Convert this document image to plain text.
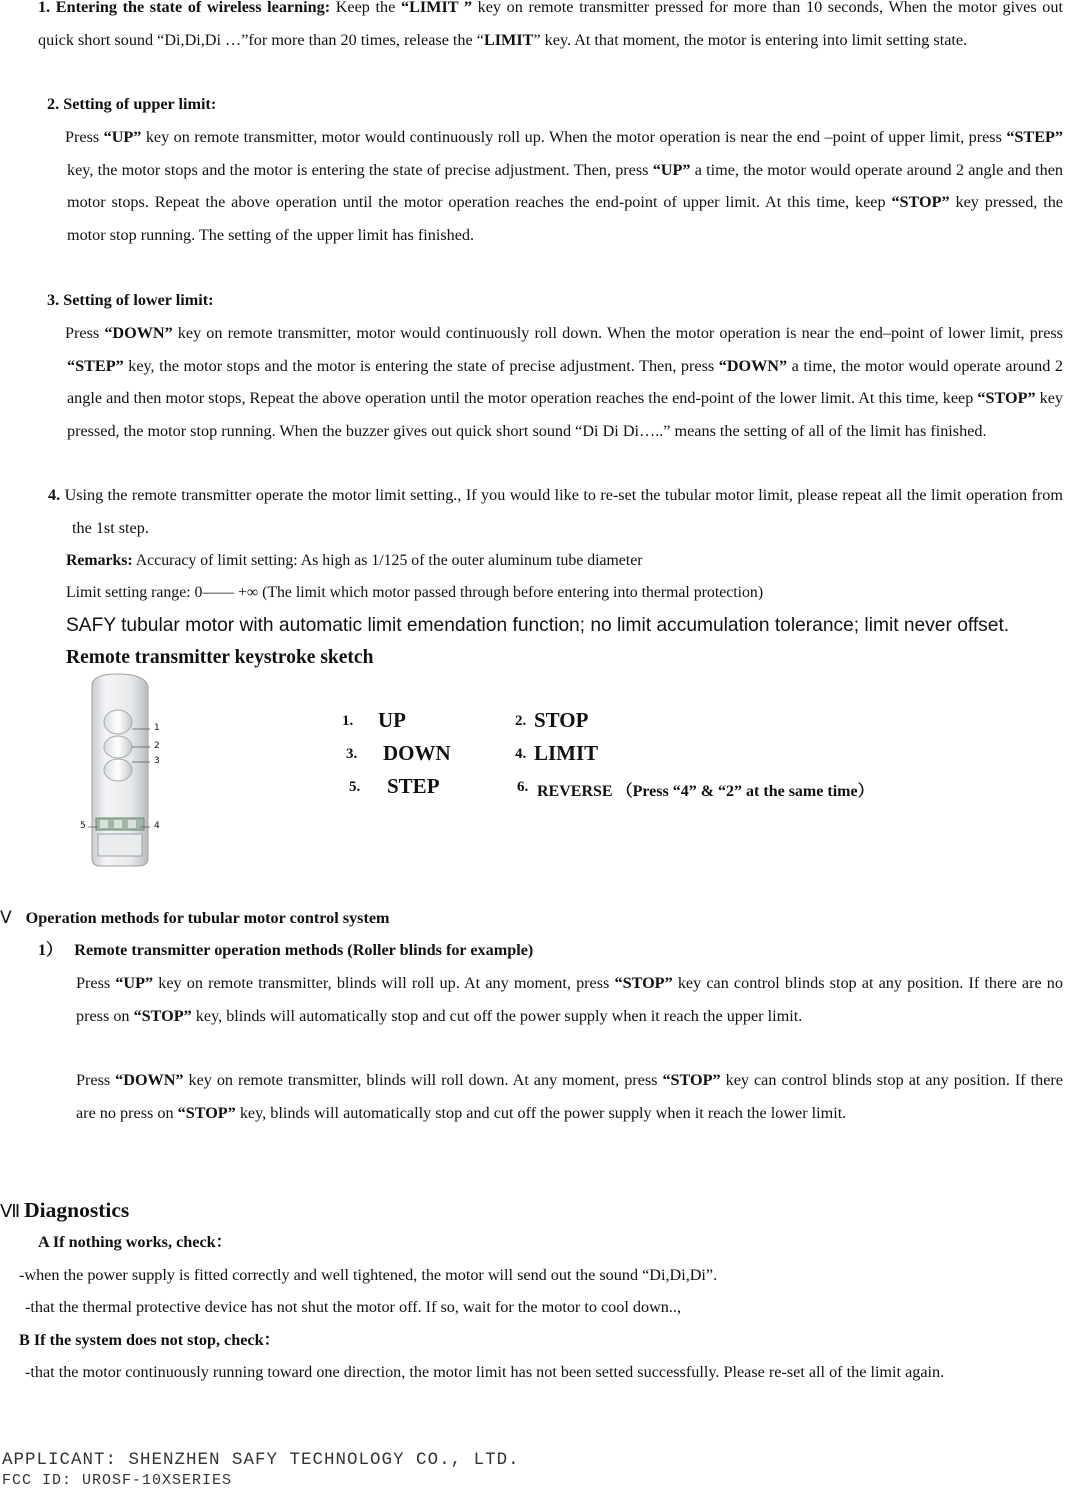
1. Entering the state of wireless learning: Keep the “LIMIT ” key on remote transmitter pressed for more than 10 seconds, When the motor gives out quick short sound “Di,Di,Di …”for more than 20 times, release the “LIMIT” key. At that moment, the motor is entering into limit setting state.
2. Setting of upper limit:
Press “UP” key on remote transmitter, motor would continuously roll up. When the motor operation is near the end –point of upper limit, press “STEP” key, the motor stops and the motor is entering the state of precise adjustment. Then, press “UP” a time, the motor would operate around 2 angle and then motor stops. Repeat the above operation until the motor operation reaches the end-point of upper limit. At this time, keep “STOP” key pressed, the motor stop running. The setting of the upper limit has finished.
3. Setting of lower limit:
Press “DOWN” key on remote transmitter, motor would continuously roll down. When the motor operation is near the end–point of lower limit, press “STEP” key, the motor stops and the motor is entering the state of precise adjustment. Then, press “DOWN” a time, the motor would operate around 2 angle and then motor stops, Repeat the above operation until the motor operation reaches the end-point of the lower limit. At this time, keep “STOP” key pressed, the motor stop running. When the buzzer gives out quick short sound “Di Di Di…..” means the setting of all of the limit has finished.
4. Using the remote transmitter operate the motor limit setting., If you would like to re-set the tubular motor limit, please repeat all the limit operation from the 1st step.
Remarks: Accuracy of limit setting: As high as 1/125 of the outer aluminum tube diameter
Limit setting range: 0—— +∞ (The limit which motor passed through before entering into thermal protection)
SAFY tubular motor with automatic limit emendation function; no limit accumulation tolerance; limit never offset.
Remote transmitter keystroke sketch
1
2
3
5	4
1. UP	2. STOP
3. DOWN	4. LIMIT
5. STEP	6. REVERSE （Press “4” & “2” at the same time）
Ⅴ Operation methods for tubular motor control system
1） Remote transmitter operation methods (Roller blinds for example)
Press “UP” key on remote transmitter, blinds will roll up. At any moment, press “STOP” key can control blinds stop at any position. If there are no press on “STOP” key, blinds will automatically stop and cut off the power supply when it reach the upper limit.
Press “DOWN” key on remote transmitter, blinds will roll down. At any moment, press “STOP” key can control blinds stop at any position. If there are no press on “STOP” key, blinds will automatically stop and cut off the power supply when it reach the lower limit.
Ⅶ Diagnostics
A If nothing works, check：
-when the power supply is fitted correctly and well tightened, the motor will send out the sound “Di,Di,Di”.
-that the thermal protective device has not shut the motor off. If so, wait for the motor to cool down..,
B If the system does not stop, check：
-that the motor continuously running toward one direction, the motor limit has not been setted successfully. Please re-set all of the limit again.
APPLICANT: SHENZHEN SAFY TECHNOLOGY CO., LTD.
FCC ID: UROSF-10XSERIES
